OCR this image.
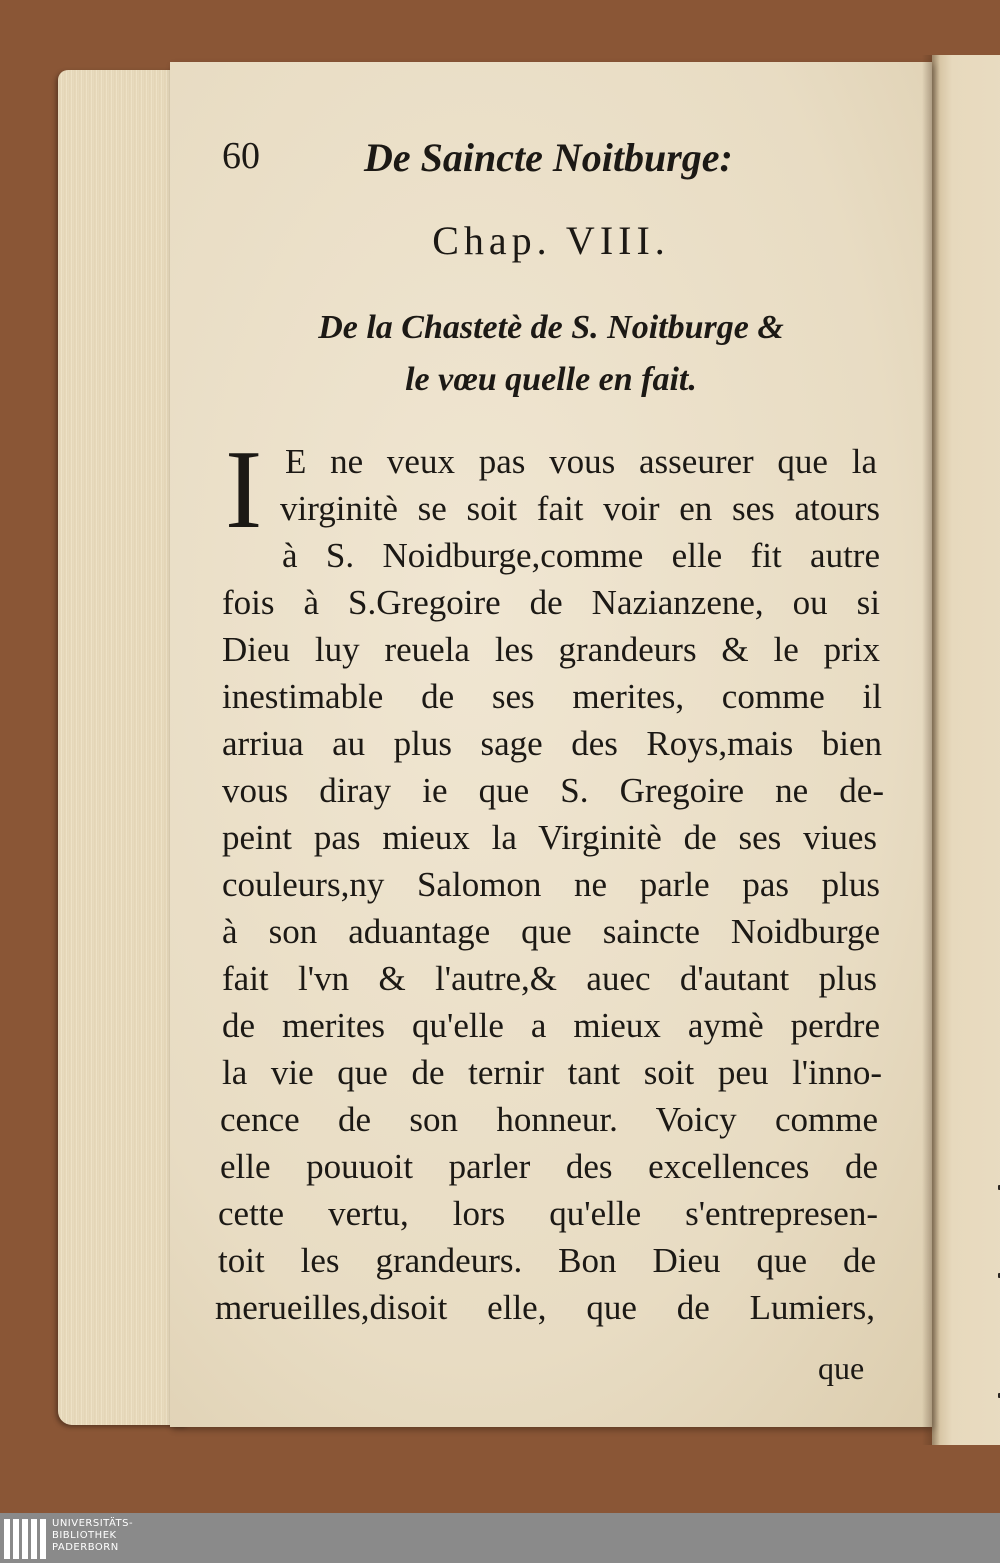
60	De Saincte Noitburge:
Chap. VIII.
De la Chastetè de S. Noitburge &
le vœu quelle en fait.
I E ne veux pas vous asseurer que la
virginitè se soit fait voir en ses atours
à S. Noidburge,comme elle fit autre
fois à S.Gregoire de Nazianzene, ou si
Dieu luy reuela les grandeurs & le prix
inestimable de ses merites, comme il
arriua au plus sage des Roys,mais bien
vous diray ie que S. Gregoire ne de-
peint pas mieux la Virginitè de ses viues
couleurs,ny Salomon ne parle pas plus
à son aduantage que saincte Noidburge
fait l'vn & l'autre,& auec d'autant plus
de merites qu'elle a mieux aymè perdre
la vie que de ternir tant soit peu l'inno-
cence de son honneur. Voicy comme
elle pouuoit parler des excellences de
cette vertu, lors qu'elle s'entrepresen-
toit les grandeurs. Bon Dieu que de
merueilles,disoit elle, que de Lumiers,
que
UNIVERSITÄTS-
BIBLIOTHEK
PADERBORN
